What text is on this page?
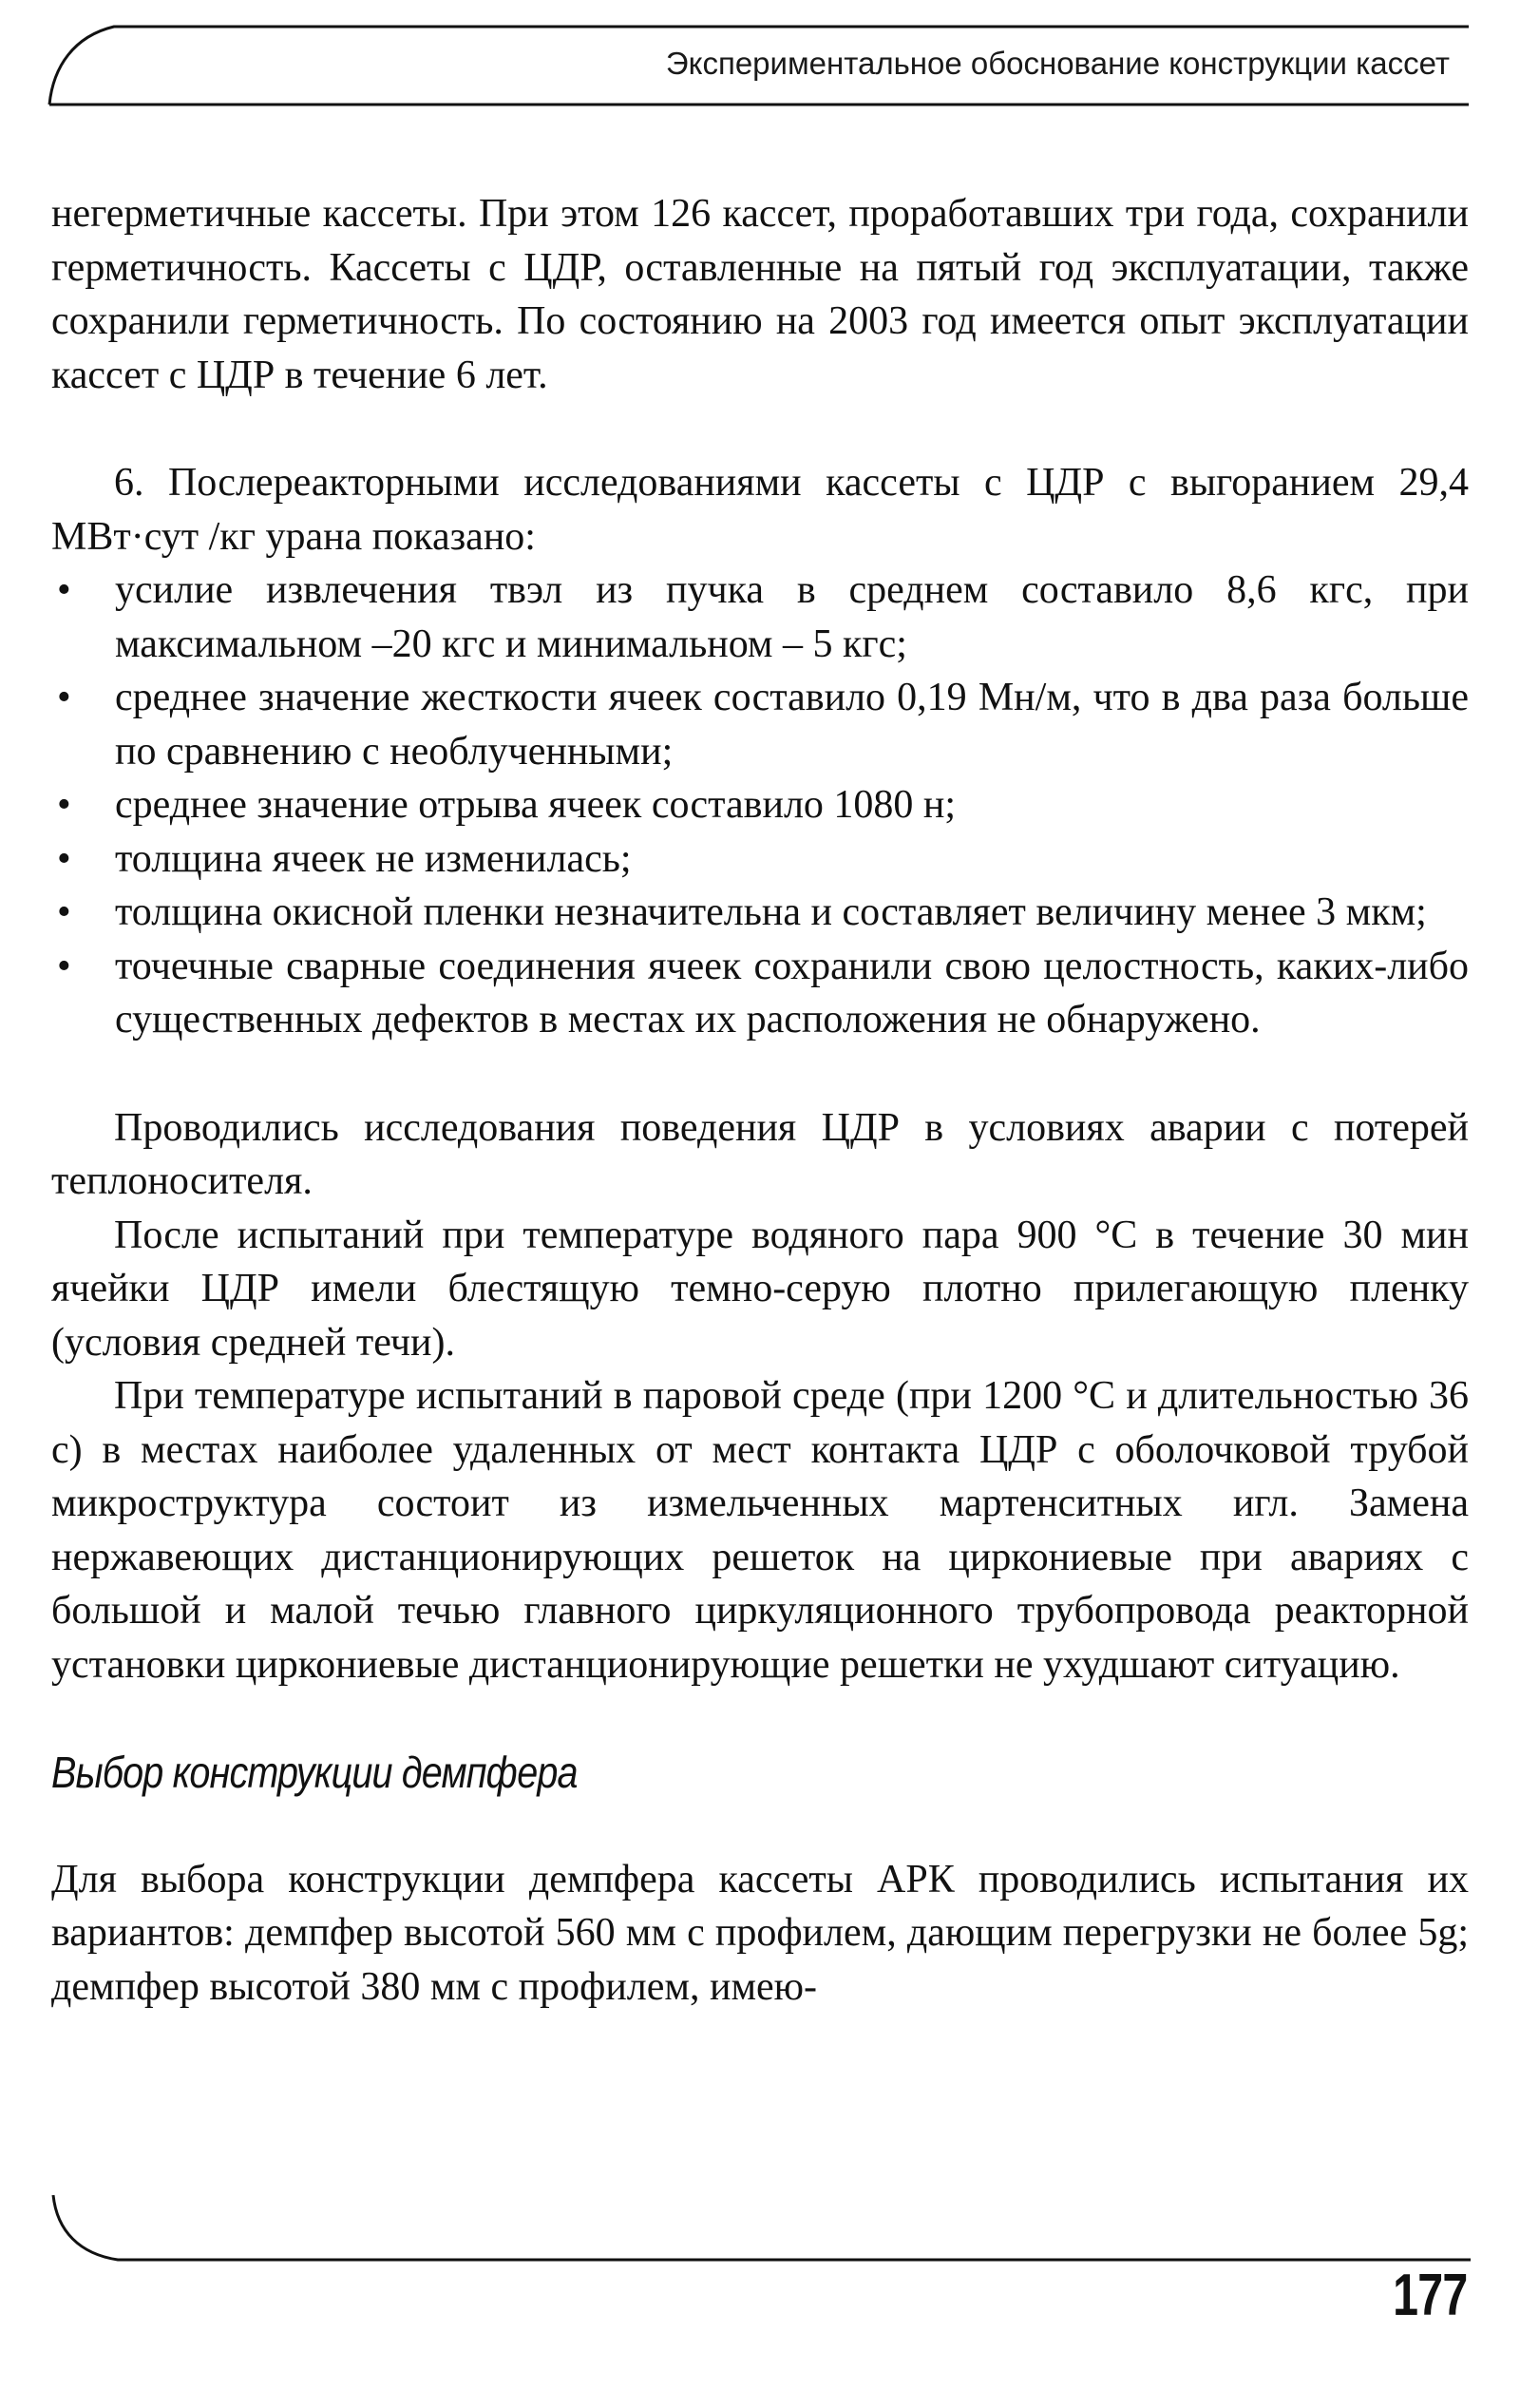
Экспериментальное обоснование конструкции кассет

негерметичные кассеты. При этом 126 кассет, проработавших три года, сохранили герметичность. Кассеты с ЦДР, оставленные на пятый год эксплуатации, также сохранили герметичность. По состоянию на 2003 год имеется опыт эксплуатации кассет с ЦДР в течение 6 лет.

6. Послереакторными исследованиями кассеты с ЦДР с выгоранием 29,4 МВт·сут /кг урана показано:

• усилие извлечения твэл из пучка в среднем составило 8,6 кгс, при максимальном –20 кгс и минимальном – 5 кгс;
• среднее значение жесткости ячеек составило 0,19 Мн/м, что в два раза больше по сравнению с необлученными;
• среднее значение отрыва ячеек составило 1080 н;
• толщина ячеек не изменилась;
• толщина окисной пленки незначительна и составляет величину менее 3 мкм;
• точечные сварные соединения ячеек сохранили свою целостность, каких-либо существенных дефектов в местах их расположения не обнаружено.

Проводились исследования поведения ЦДР в условиях аварии с потерей теплоносителя.

После испытаний при температуре водяного пара 900 °С в течение 30 мин ячейки ЦДР имели блестящую темно-серую плотно прилегающую пленку (условия средней течи).

При температуре испытаний в паровой среде (при 1200 °С и длительностью 36 с) в местах наиболее удаленных от мест контакта ЦДР с оболочковой трубой микроструктура состоит из измельченных мартенситных игл. Замена нержавеющих дистанционирующих решеток на циркониевые при авариях с большой и малой течью главного циркуляционного трубопровода реакторной установки циркониевые дистанционирующие решетки не ухудшают ситуацию.

Выбор конструкции демпфера

Для выбора конструкции демпфера кассеты АРК проводились испытания их вариантов: демпфер высотой 560 мм с профилем, дающим перегрузки не более 5g; демпфер высотой 380 мм с профилем, имею-

177
